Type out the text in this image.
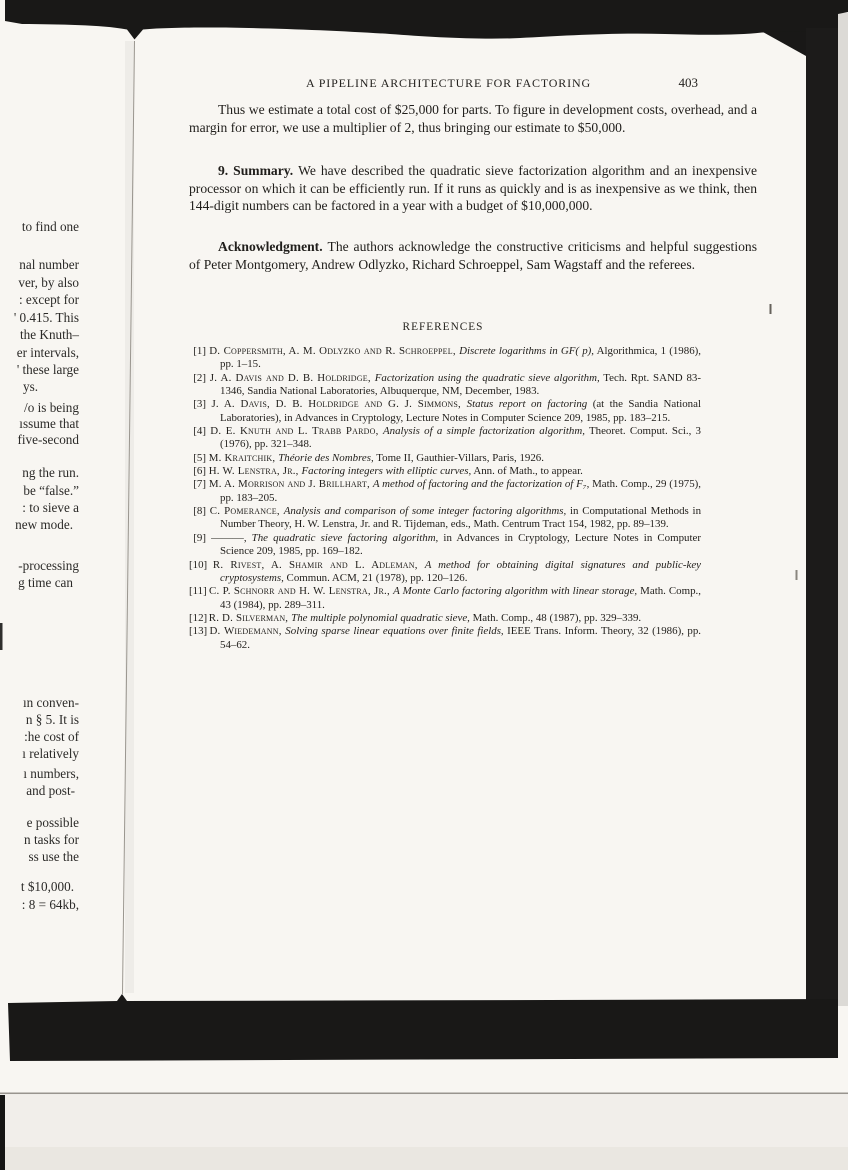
to find one
nal number
ver, by also
: except for
' 0.415. This
the Knuth–
er intervals,
' these large
ys.
/o is being
ıssume that
five-second
ng the run.
be “false.”
: to sieve a
new mode.
-processing
g time can
ın conven-
n § 5. It is
:he cost of
ı relatively
ı numbers,
and post-
e possible
n tasks for
ss use the
t $10,000.
: 8 = 64kb,
A PIPELINE ARCHITECTURE FOR FACTORING	403
Thus we estimate a total cost of $25,000 for parts. To figure in development costs, overhead, and a margin for error, we use a multiplier of 2, thus bringing our estimate to $50,000.
9. Summary. We have described the quadratic sieve factorization algorithm and an inexpensive processor on which it can be efficiently run. If it runs as quickly and is as inexpensive as we think, then 144-digit numbers can be factored in a year with a budget of $10,000,000.
Acknowledgment. The authors acknowledge the constructive criticisms and helpful suggestions of Peter Montgomery, Andrew Odlyzko, Richard Schroeppel, Sam Wagstaff and the referees.
REFERENCES
[1] D. Coppersmith, A. M. Odlyzko and R. Schroeppel, Discrete logarithms in GF( p), Algorithmica, 1 (1986), pp. 1–15.
[2] J. A. Davis and D. B. Holdridge, Factorization using the quadratic sieve algorithm, Tech. Rpt. SAND 83-1346, Sandia National Laboratories, Albuquerque, NM, December, 1983.
[3] J. A. Davis, D. B. Holdridge and G. J. Simmons, Status report on factoring (at the Sandia National Laboratories), in Advances in Cryptology, Lecture Notes in Computer Science 209, 1985, pp. 183–215.
[4] D. E. Knuth and L. Trabb Pardo, Analysis of a simple factorization algorithm, Theoret. Comput. Sci., 3 (1976), pp. 321–348.
[5] M. Kraitchik, Théorie des Nombres, Tome II, Gauthier-Villars, Paris, 1926.
[6] H. W. Lenstra, Jr., Factoring integers with elliptic curves, Ann. of Math., to appear.
[7] M. A. Morrison and J. Brillhart, A method of factoring and the factorization of F₇, Math. Comp., 29 (1975), pp. 183–205.
[8] C. Pomerance, Analysis and comparison of some integer factoring algorithms, in Computational Methods in Number Theory, H. W. Lenstra, Jr. and R. Tijdeman, eds., Math. Centrum Tract 154, 1982, pp. 89–139.
[9] ———, The quadratic sieve factoring algorithm, in Advances in Cryptology, Lecture Notes in Computer Science 209, 1985, pp. 169–182.
[10] R. Rivest, A. Shamir and L. Adleman, A method for obtaining digital signatures and public-key cryptosystems, Commun. ACM, 21 (1978), pp. 120–126.
[11] C. P. Schnorr and H. W. Lenstra, Jr., A Monte Carlo factoring algorithm with linear storage, Math. Comp., 43 (1984), pp. 289–311.
[12] R. D. Silverman, The multiple polynomial quadratic sieve, Math. Comp., 48 (1987), pp. 329–339.
[13] D. Wiedemann, Solving sparse linear equations over finite fields, IEEE Trans. Inform. Theory, 32 (1986), pp. 54–62.
